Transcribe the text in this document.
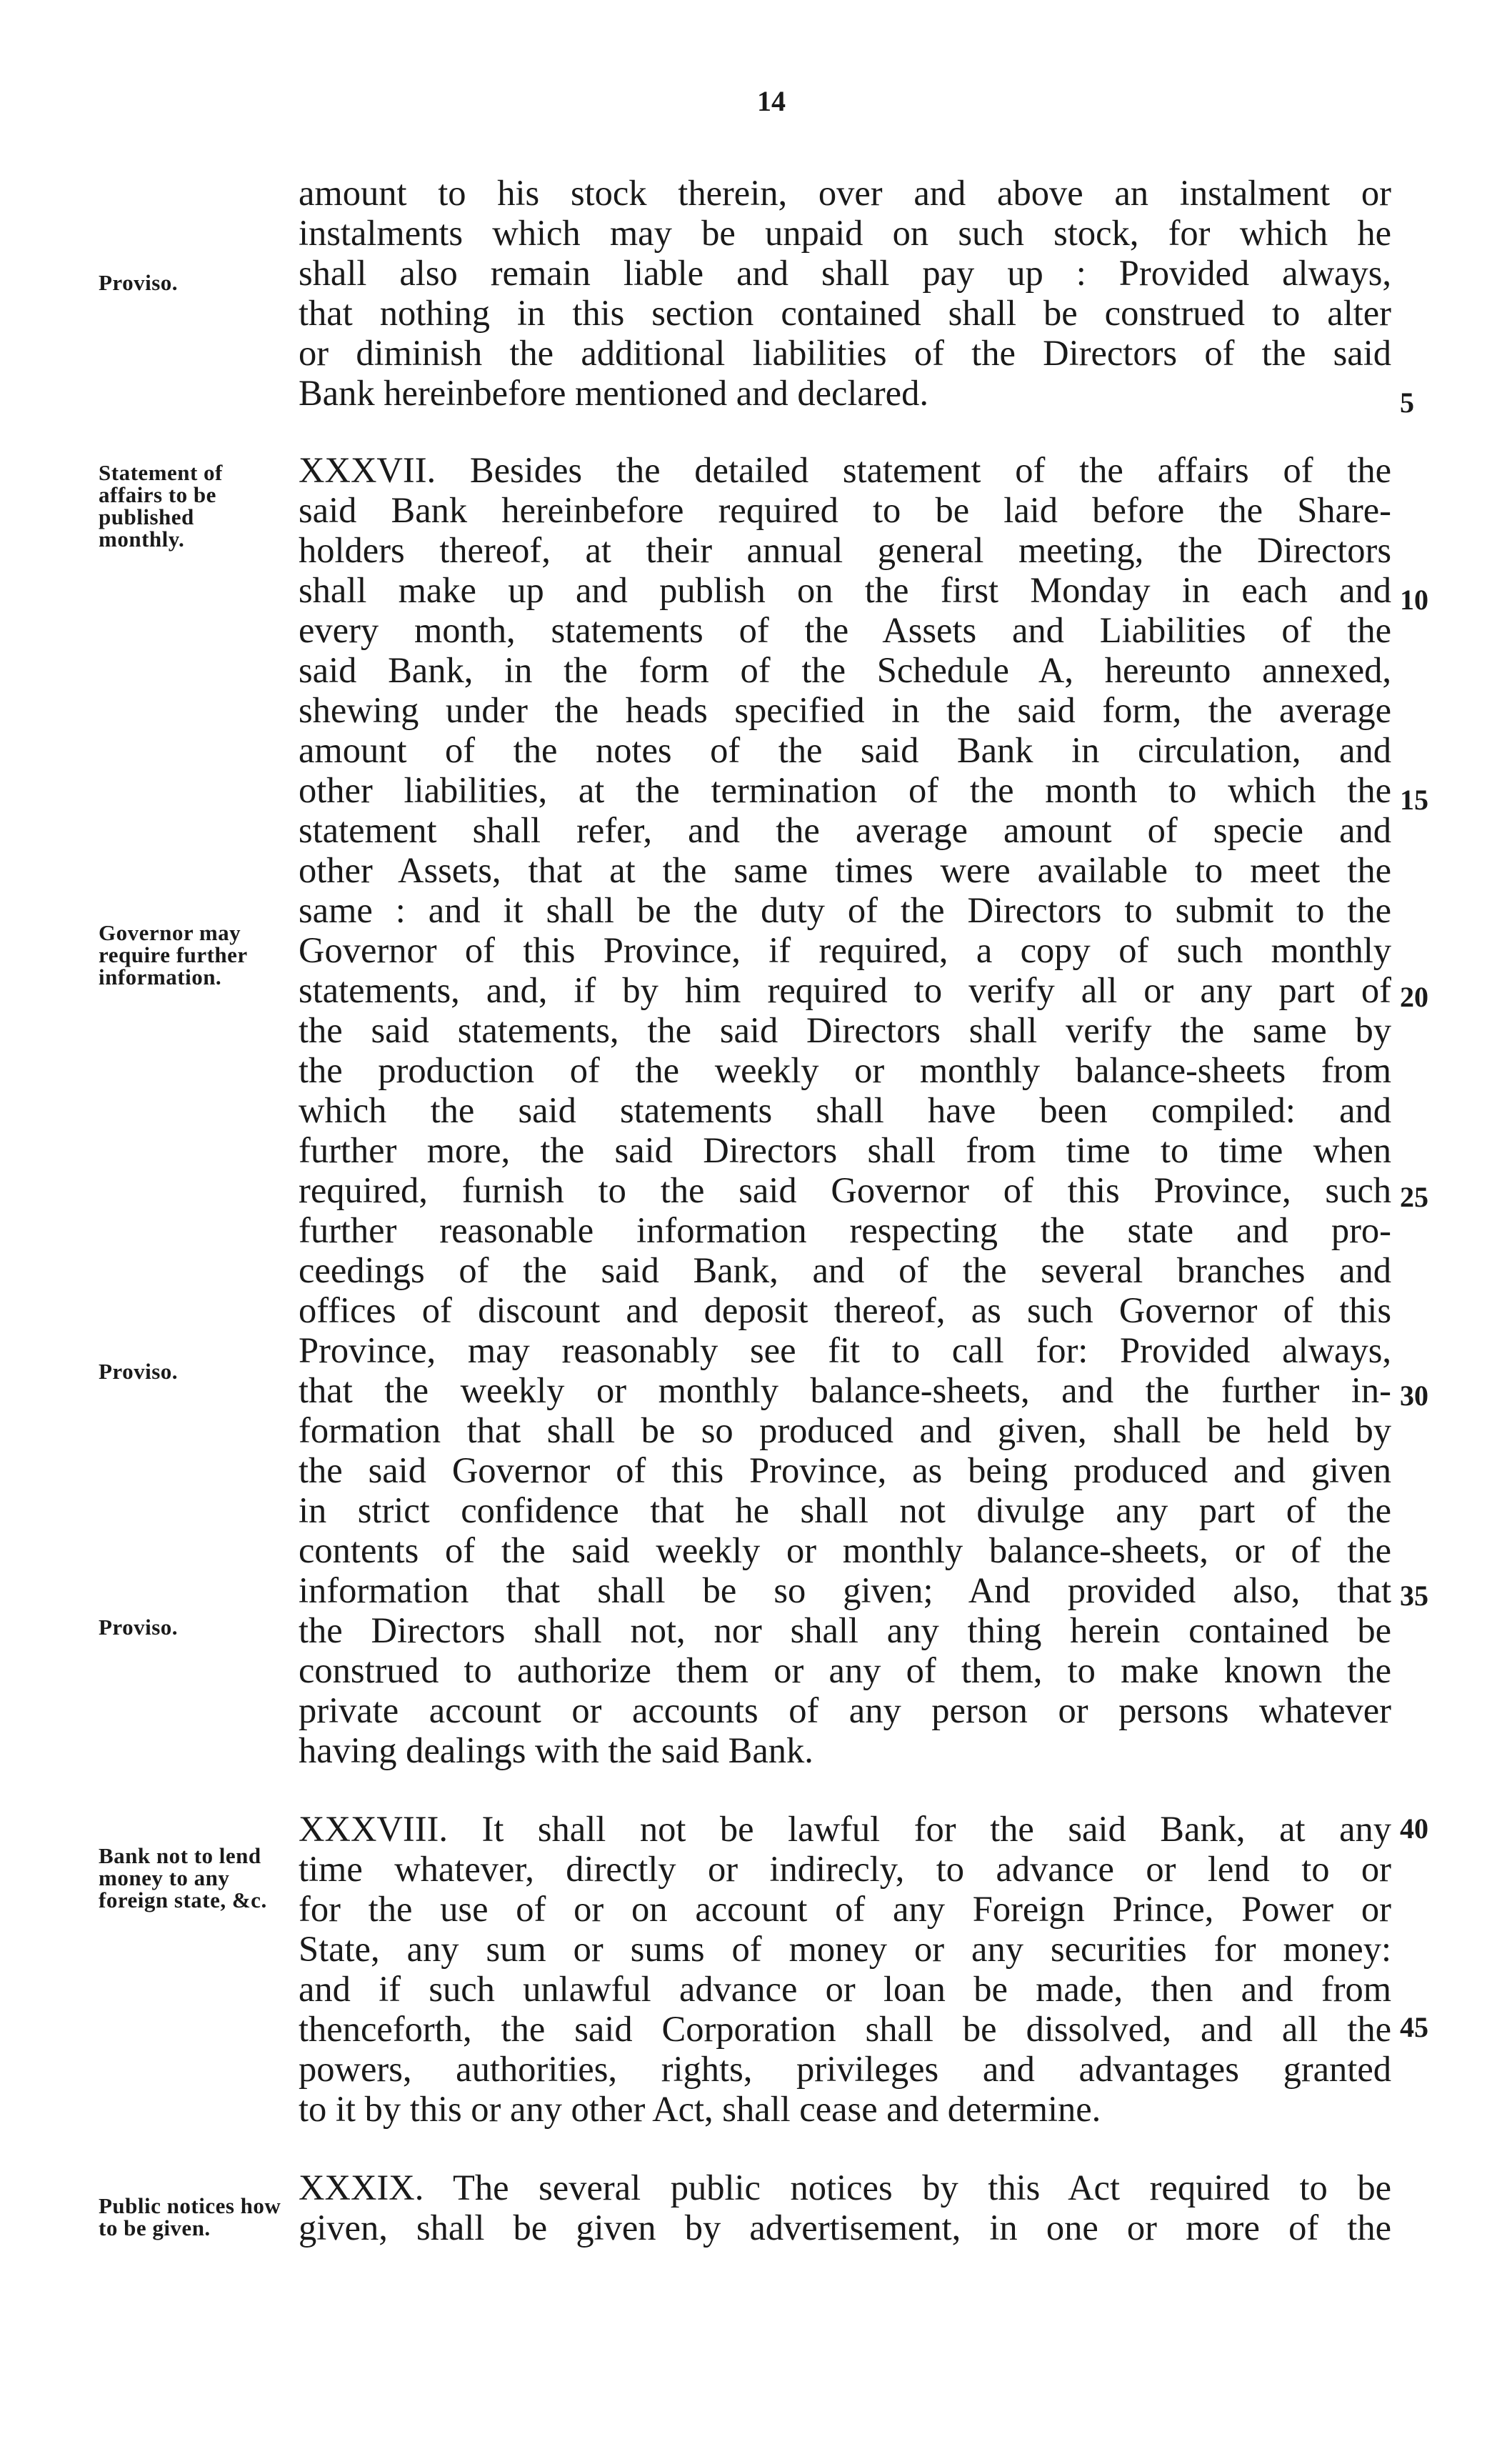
14
Proviso.
Statement of affairs to be published monthly.
Governor may require further information.
Proviso.
Proviso.
Bank not to lend money to any foreign state, &c.
Public notices how to be given.
5
10
15
20
25
30
35
40
45
amount to his stock therein, over and above an instalment or
instalments which may be unpaid on such stock, for which he
shall also remain liable and shall pay up : Provided always,
that nothing in this section contained shall be construed to alter
or diminish the additional liabilities of the Directors of the said
Bank hereinbefore mentioned and declared.
XXXVII. Besides the detailed statement of the affairs of the
said Bank hereinbefore required to be laid before the Share-
holders thereof, at their annual general meeting, the Directors
shall make up and publish on the first Monday in each and
every month, statements of the Assets and Liabilities of the
said Bank, in the form of the Schedule A, hereunto annexed,
shewing under the heads specified in the said form, the average
amount of the notes of the said Bank in circulation, and
other liabilities, at the termination of the month to which the
statement shall refer, and the average amount of specie and
other Assets, that at the same times were available to meet the
same : and it shall be the duty of the Directors to submit to the
Governor of this Province, if required, a copy of such monthly
statements, and, if by him required to verify all or any part of
the said statements, the said Directors shall verify the same by
the production of the weekly or monthly balance-sheets from
which the said statements shall have been compiled: and
further more, the said Directors shall from time to time when
required, furnish to the said Governor of this Province, such
further reasonable information respecting the state and pro-
ceedings of the said Bank, and of the several branches and
offices of discount and deposit thereof, as such Governor of this
Province, may reasonably see fit to call for: Provided always,
that the weekly or monthly balance-sheets, and the further in-
formation that shall be so produced and given, shall be held by
the said Governor of this Province, as being produced and given
in strict confidence that he shall not divulge any part of the
contents of the said weekly or monthly balance-sheets, or of the
information that shall be so given; And provided also, that
the Directors shall not, nor shall any thing herein contained be
construed to authorize them or any of them, to make known the
private account or accounts of any person or persons whatever
having dealings with the said Bank.
XXXVIII. It shall not be lawful for the said Bank, at any
time whatever, directly or indirecly, to advance or lend to or
for the use of or on account of any Foreign Prince, Power or
State, any sum or sums of money or any securities for money:
and if such unlawful advance or loan be made, then and from
thenceforth, the said Corporation shall be dissolved, and all the
powers, authorities, rights, privileges and advantages granted
to it by this or any other Act, shall cease and determine.
XXXIX. The several public notices by this Act required to be
given, shall be given by advertisement, in one or more of the
